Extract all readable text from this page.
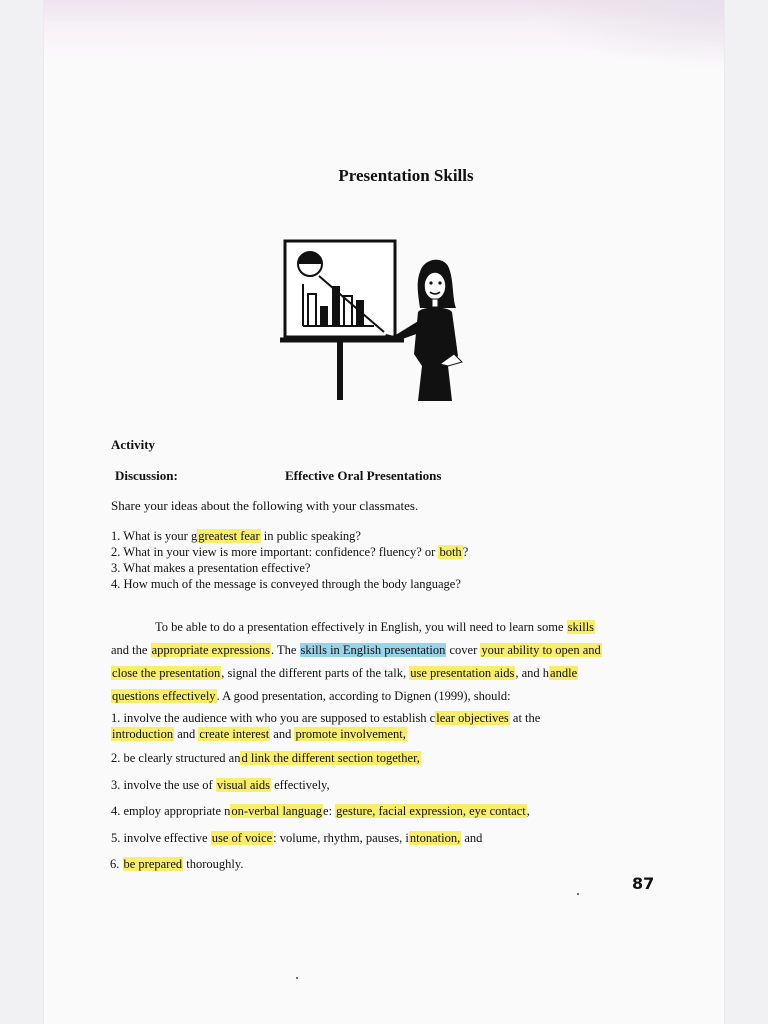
Presentation Skills
Activity
Discussion:	Effective Oral Presentations
Share your ideas about the following with your classmates.
1. What is your ggreatest fear in public speaking?
2. What in your view is more important: confidence? fluency? or both?
3. What makes a presentation effective?
4. How much of the message is conveyed through the body language?
To be able to do a presentation effectively in English, you will need to learn some skills
and the appropriate expressions. The skills in English presentation cover your ability to open and
close the presentation, signal the different parts of the talk, use presentation aids, and handle
questions effectively. A good presentation, according to Dignen (1999), should:
1. involve the audience with who you are supposed to establish clear objectives at the
introduction and create interest and promote involvement,
2. be clearly structured and link the different section together,
3. involve the use of visual aids effectively,
4. employ appropriate non-verbal language: gesture, facial expression, eye contact,
5. involve effective use of voice: volume, rhythm, pauses, intonation, and
6. be prepared thoroughly.
87
